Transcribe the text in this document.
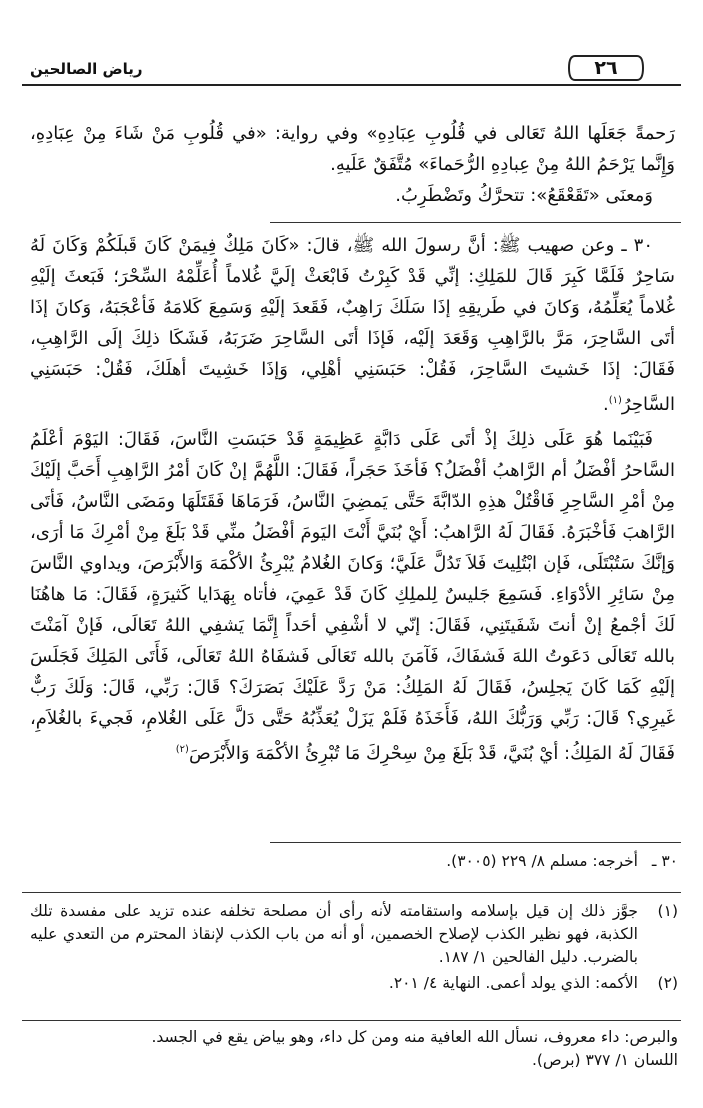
٢٦
رياض الصالحين

رَحمةً جَعَلَها اللهُ تَعَالى في قُلُوبِ عِبَادِهِ» وفي رواية: «في قُلُوبِ مَنْ شَاءَ مِنْ عِبَادِهِ، وَإِنَّما يَرْحَمُ اللهُ مِنْ عِبادِهِ الرُّحَماءَ» مُتَّفَقٌ عَلَيهِ.

وَمعنَى «تَقَعْقَعُ»: تتحرَّكُ وتَضْطَرِبُ.

٣٠ ـ وعن صهيب ﷺ: أنَّ رسولَ الله ﷺ، قالَ: «كَانَ مَلِكٌ فِيمَنْ كَانَ قَبلَكُمْ وَكَانَ لَهُ سَاحِرٌ فَلَمَّا كَبِرَ قَالَ للمَلِكِ: إنِّي قَدْ كَبِرْتُ فَابْعَثْ إلَيَّ غُلاماً أُعَلِّمْهُ السِّحْرَ؛ فَبَعثَ إلَيْهِ غُلاماً يُعَلِّمُهُ، وَكانَ في طَريقِهِ إذَا سَلَكَ رَاهِبٌ، فَقَعدَ إلَيْهِ وَسَمِعَ كَلامَهُ فَأعْجَبَهُ، وَكانَ إذَا أتَى السَّاحِرَ، مَرَّ بالرَّاهِبِ وَقَعَدَ إلَيْه، فَإذَا أتَى السَّاحِرَ ضَرَبَهُ، فَشَكَا ذلِكَ إلَى الرَّاهِبِ، فَقَالَ: إذَا خَشيتَ السَّاحِرَ، فَقُلْ: حَبَسَنِي أهْلِي، وَإذَا خَشِيتَ أهلَكَ، فَقُلْ: حَبَسَنِي السَّاحِرُ$^{(١)}$.

فَبَيْنَما هُوَ عَلَى ذلِكَ إذْ أتَى عَلَى دَابَّةٍ عَظِيمَةٍ قَدْ حَبَسَتِ النَّاسَ، فَقَالَ: اليَوْمَ أعْلَمُ السَّاحرُ أفْضَلُ أم الرَّاهبُ أفْضَلُ؟ فَأخَذَ حَجَراً، فَقَالَ: اللَّهُمَّ إنْ كَانَ أمْرُ الرَّاهِبِ أَحَبَّ إلَيْكَ مِنْ أمْرِ السَّاحِرِ فَاقْتُلْ هذِهِ الدّابَّةَ حَتَّى يَمضِيَ النَّاسُ، فَرَمَاهَا فَقَتَلَهَا ومَضَى النَّاسُ، فَأتَى الرَّاهبَ فَأخْبَرَهُ. فَقَالَ لَهُ الرَّاهبُ: أَيْ بُنَيَّ أَنْتَ اليَومَ أفْضَلُ منِّي قَدْ بَلَغَ مِنْ أمْرِكَ مَا أرَى، وَإنَّكَ سَتُبْتَلَى، فَإن ابْتُلِيتَ فَلاَ تَدُلَّ عَلَيَّ؛ وَكانَ الغُلامُ يُبْرِئُ الأكْمَهَ وَالأَبْرَصَ، ويداوي النَّاسَ مِنْ سَائِرِ الأدْوَاءِ. فَسَمِعَ جَليسٌ لِلملِكِ كَانَ قَدْ عَمِيَ، فأتاه بِهَدَايا كَثيرَةٍ، فَقَالَ: مَا هاهُنَا لَكَ أجْمعُ إنْ أنتَ شَفَيتَنِي، فَقَالَ: إنّي لا أشْفِي أحَداً إِنَّمَا يَشفِي اللهُ تَعَالَى، فَإنْ آمَنْتَ بالله تَعَالَى دَعَوتُ اللهَ فَشفَاكَ، فَآمَنَ بالله تَعَالَى فَشفَاهُ اللهُ تَعَالَى، فَأَتَى المَلِكَ فَجَلَسَ إلَيْهِ كَمَا كَانَ يَجلِسُ، فَقَالَ لَهُ المَلِكُ: مَنْ رَدَّ عَلَيْكَ بَصَرَكَ؟ قَالَ: رَبِّي، قَالَ: وَلَكَ رَبٌّ غَيرِي؟ قَالَ: رَبِّي وَرَبُّكَ اللهُ، فَأَخَذَهُ فَلَمْ يَزَلْ يُعَذِّبُهُ حَتَّى دَلَّ عَلَى الغُلامِ، فَجيءَ بالغُلاَمِ، فَقَالَ لَهُ المَلِكُ: أيْ بُنَيَّ، قَدْ بَلَغَ مِنْ سِحْرِكَ مَا تُبْرِئُ الأكْمَهَ وَالأَبْرَصَ$^{(٢)}$

٣٠ ـ
أخرجه: مسلم ٨/ ٢٢٩ (٣٠٠٥).
(١)
جوَّز ذلك إن قيل بإسلامه واستقامته لأنه رأى أن مصلحة تخلفه عنده تزيد على مفسدة تلك الكذبة، فهو نظير الكذب لإصلاح الخصمين، أو أنه من باب الكذب لإنقاذ المحترم من التعدي عليه بالضرب. دليل الفالحين ١/ ١٨٧.
(٢)
الأكمه: الذي يولد أعمى. النهاية ٤/ ٢٠١.

والبرص: داء معروف، نسأل الله العافية منه ومن كل داء، وهو بياض يقع في الجسد.

اللسان ١/ ٣٧٧ (برص).
